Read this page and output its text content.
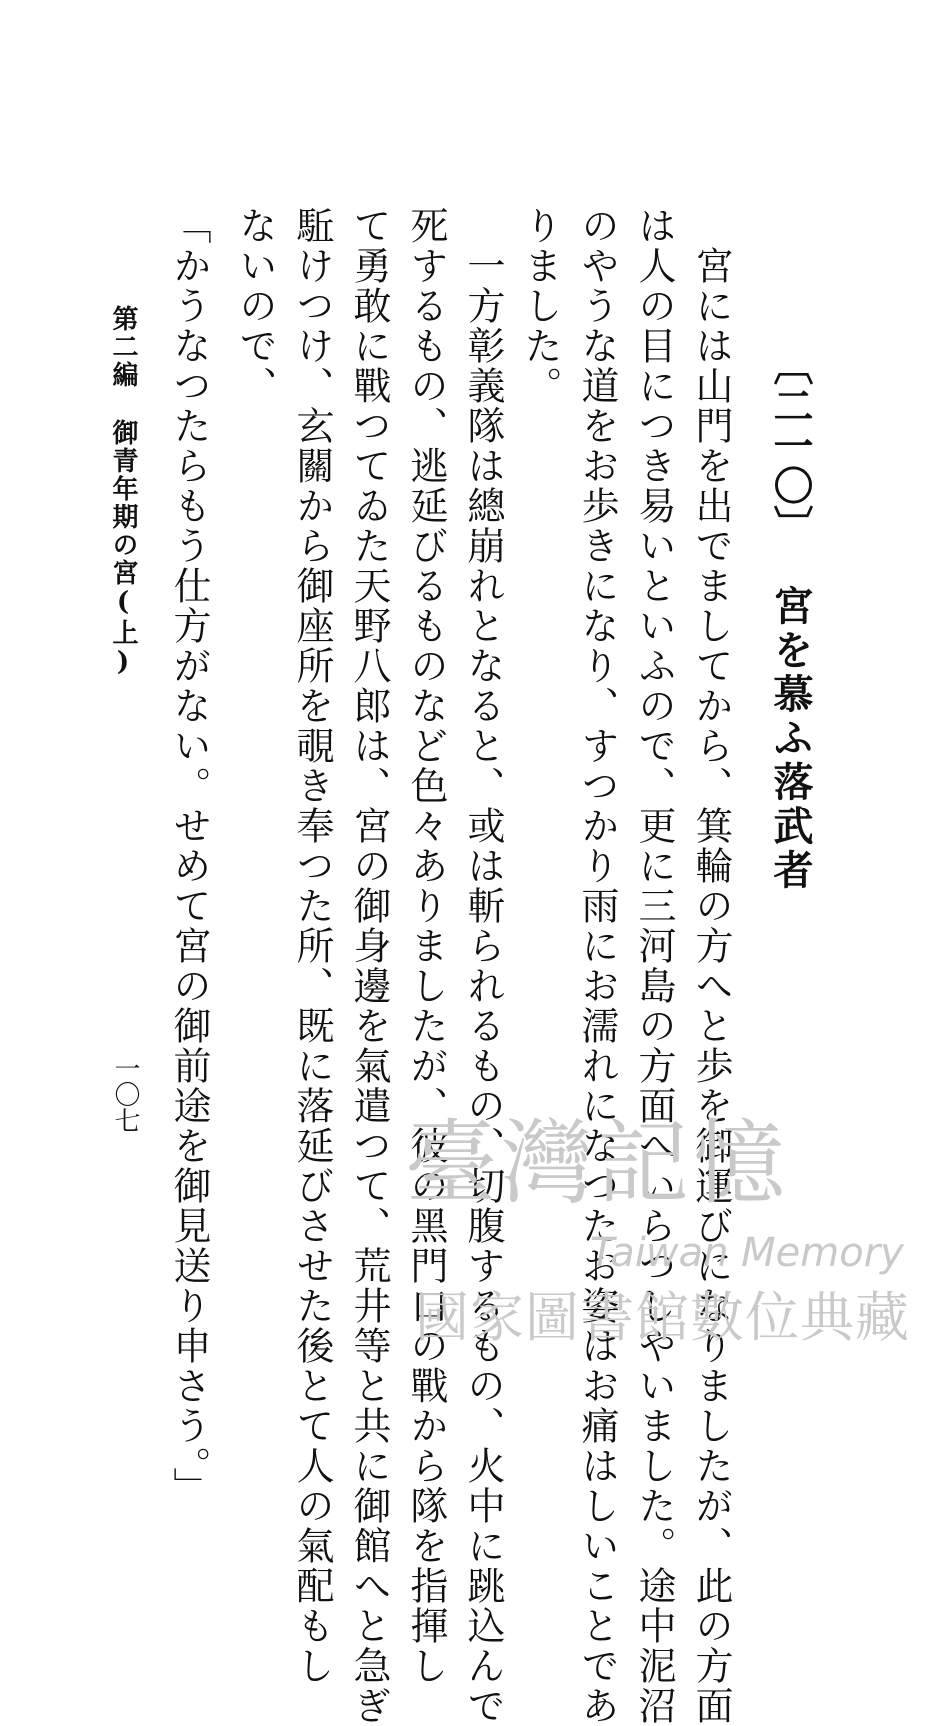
〔二一〇〕宮を慕ふ落武者
宮には山門を出でましてから、箕輪の方へと歩を御運びになりましたが、此の方面
は人の目につき易いといふので、更に三河島の方面へいらつしやいました。途中泥沼
のやうな道をお歩きになり、すつかり雨にお濡れになつたお姿はお痛はしいことであ
りました。
一方彰義隊は總崩れとなると、或は斬られるもの、切腹するもの、火中に跳込んで
死するもの、逃延びるものなど色々ありましたが、彼の黑門口の戰から隊を指揮し
て勇敢に戰つてゐた天野八郎は、宮の御身邊を氣遣つて、荒井等と共に御館へと急ぎ
駈けつけ、玄關から御座所を覗き奉つた所、既に落延びさせた後とて人の氣配もし
ないので、
「かうなつたらもう仕方がない。せめて宮の御前途を御見送り申さう。」
第二編御青年期の宮(上)
一〇七
臺灣記憶
Taiwan Memory
國家圖書館數位典藏
